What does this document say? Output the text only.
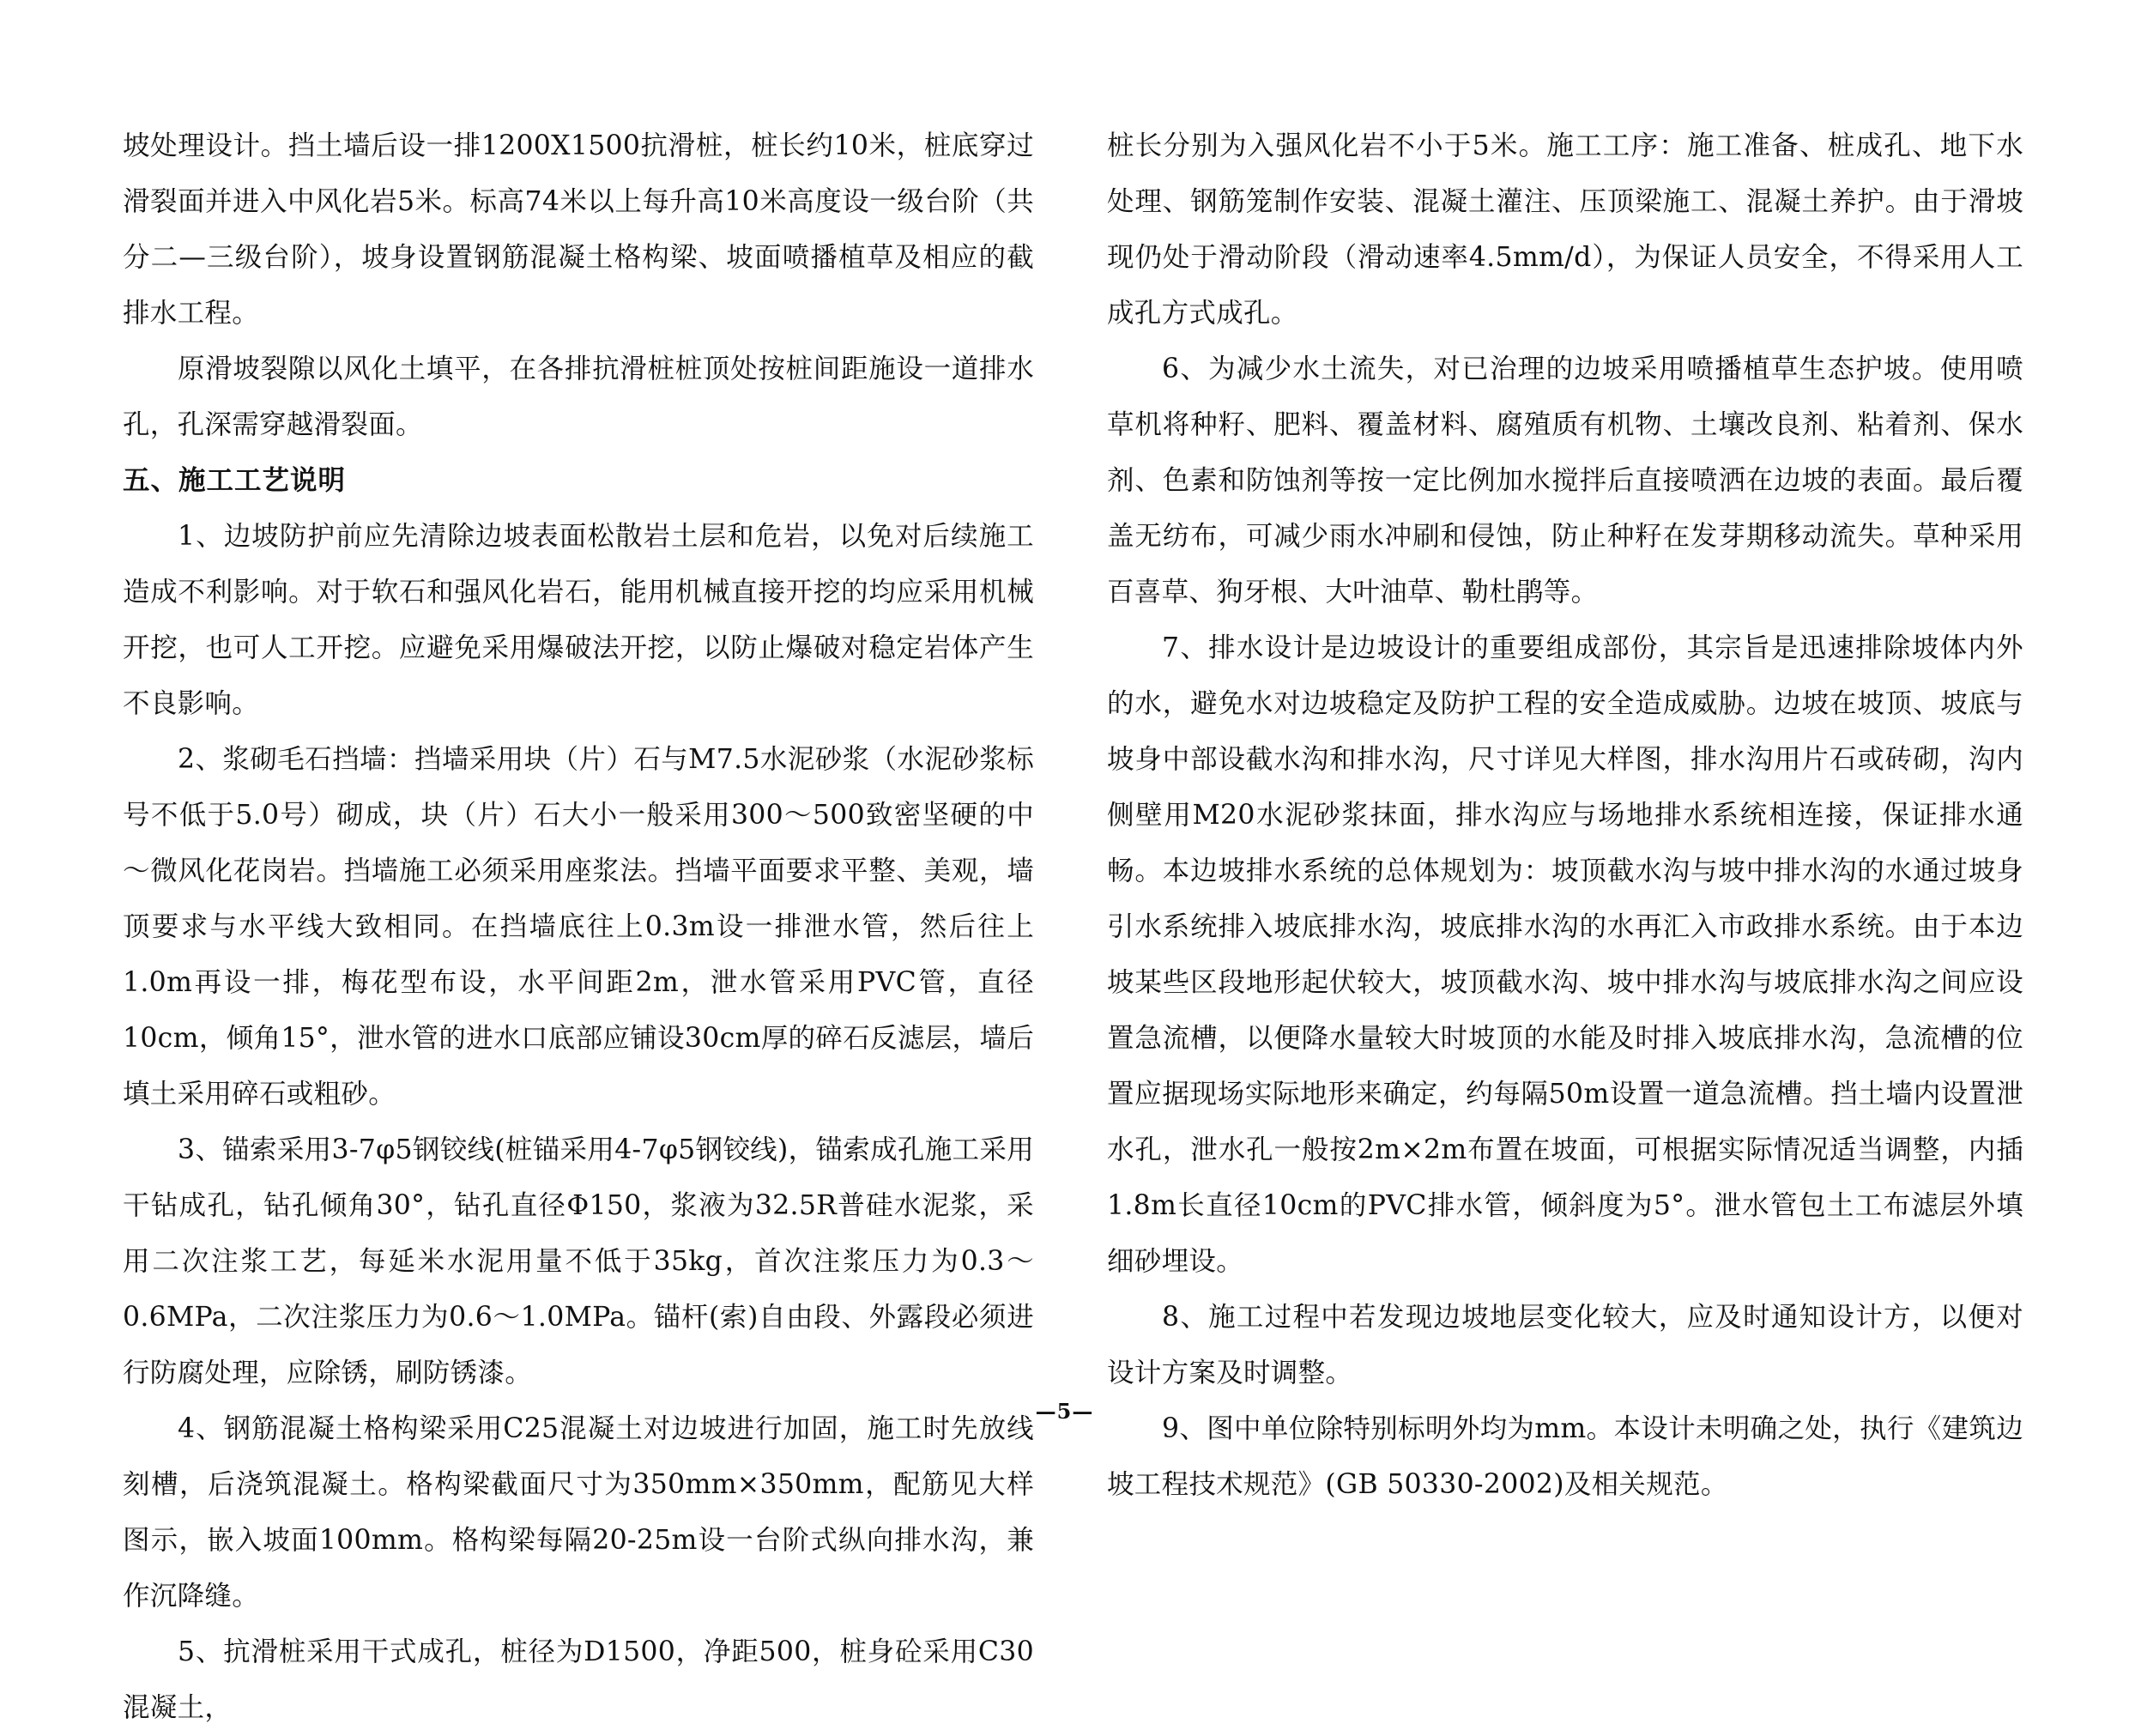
坡处理设计。挡土墙后设一排1200X1500抗滑桩，桩长约10米，桩底穿过滑裂面并进入中风化岩5米。标高74米以上每升高10米高度设一级台阶（共分二—三级台阶），坡身设置钢筋混凝土格构梁、坡面喷播植草及相应的截排水工程。

原滑坡裂隙以风化土填平，在各排抗滑桩桩顶处按桩间距施设一道排水孔，孔深需穿越滑裂面。

五、施工工艺说明

1、边坡防护前应先清除边坡表面松散岩土层和危岩，以免对后续施工造成不利影响。对于软石和强风化岩石，能用机械直接开挖的均应采用机械开挖，也可人工开挖。应避免采用爆破法开挖，以防止爆破对稳定岩体产生不良影响。

2、浆砌毛石挡墙：挡墙采用块（片）石与M7.5水泥砂浆（水泥砂浆标号不低于5.0号）砌成，块（片）石大小一般采用300～500致密坚硬的中～微风化花岗岩。挡墙施工必须采用座浆法。挡墙平面要求平整、美观，墙顶要求与水平线大致相同。在挡墙底往上0.3m设一排泄水管，然后往上1.0m再设一排，梅花型布设，水平间距2m，泄水管采用PVC管，直径10cm，倾角15°，泄水管的进水口底部应铺设30cm厚的碎石反滤层，墙后填土采用碎石或粗砂。

3、锚索采用3-7φ5钢铰线(桩锚采用4-7φ5钢铰线)，锚索成孔施工采用干钻成孔，钻孔倾角30°，钻孔直径Φ150，浆液为32.5R普硅水泥浆，采用二次注浆工艺，每延米水泥用量不低于35kg，首次注浆压力为0.3～0.6MPa，二次注浆压力为0.6～1.0MPa。锚杆(索)自由段、外露段必须进行防腐处理，应除锈，刷防锈漆。

4、钢筋混凝土格构梁采用C25混凝土对边坡进行加固，施工时先放线刻槽，后浇筑混凝土。格构梁截面尺寸为350mm×350mm，配筋见大样图示，嵌入坡面100mm。格构梁每隔20-25m设一台阶式纵向排水沟，兼作沉降缝。

5、抗滑桩采用干式成孔，桩径为D1500，净距500，桩身砼采用C30混凝土，

桩长分别为入强风化岩不小于5米。施工工序：施工准备、桩成孔、地下水处理、钢筋笼制作安装、混凝土灌注、压顶梁施工、混凝土养护。由于滑坡现仍处于滑动阶段（滑动速率4.5mm/d），为保证人员安全，不得采用人工成孔方式成孔。

6、为减少水土流失，对已治理的边坡采用喷播植草生态护坡。使用喷草机将种籽、肥料、覆盖材料、腐殖质有机物、土壤改良剂、粘着剂、保水剂、色素和防蚀剂等按一定比例加水搅拌后直接喷洒在边坡的表面。最后覆盖无纺布，可减少雨水冲刷和侵蚀，防止种籽在发芽期移动流失。草种采用百喜草、狗牙根、大叶油草、勒杜鹃等。

7、排水设计是边坡设计的重要组成部份，其宗旨是迅速排除坡体内外的水，避免水对边坡稳定及防护工程的安全造成威胁。边坡在坡顶、坡底与坡身中部设截水沟和排水沟，尺寸详见大样图，排水沟用片石或砖砌，沟内侧壁用M20水泥砂浆抹面，排水沟应与场地排水系统相连接，保证排水通畅。本边坡排水系统的总体规划为：坡顶截水沟与坡中排水沟的水通过坡身引水系统排入坡底排水沟，坡底排水沟的水再汇入市政排水系统。由于本边坡某些区段地形起伏较大，坡顶截水沟、坡中排水沟与坡底排水沟之间应设置急流槽，以便降水量较大时坡顶的水能及时排入坡底排水沟，急流槽的位置应据现场实际地形来确定，约每隔50m设置一道急流槽。挡土墙内设置泄水孔，泄水孔一般按2m×2m布置在坡面，可根据实际情况适当调整，内插1.8m长直径10cm的PVC排水管，倾斜度为5°。泄水管包土工布滤层外填细砂埋设。

8、施工过程中若发现边坡地层变化较大，应及时通知设计方，以便对设计方案及时调整。

9、图中单位除特别标明外均为mm。本设计未明确之处，执行《建筑边坡工程技术规范》(GB 50330-2002)及相关规范。

—5—
